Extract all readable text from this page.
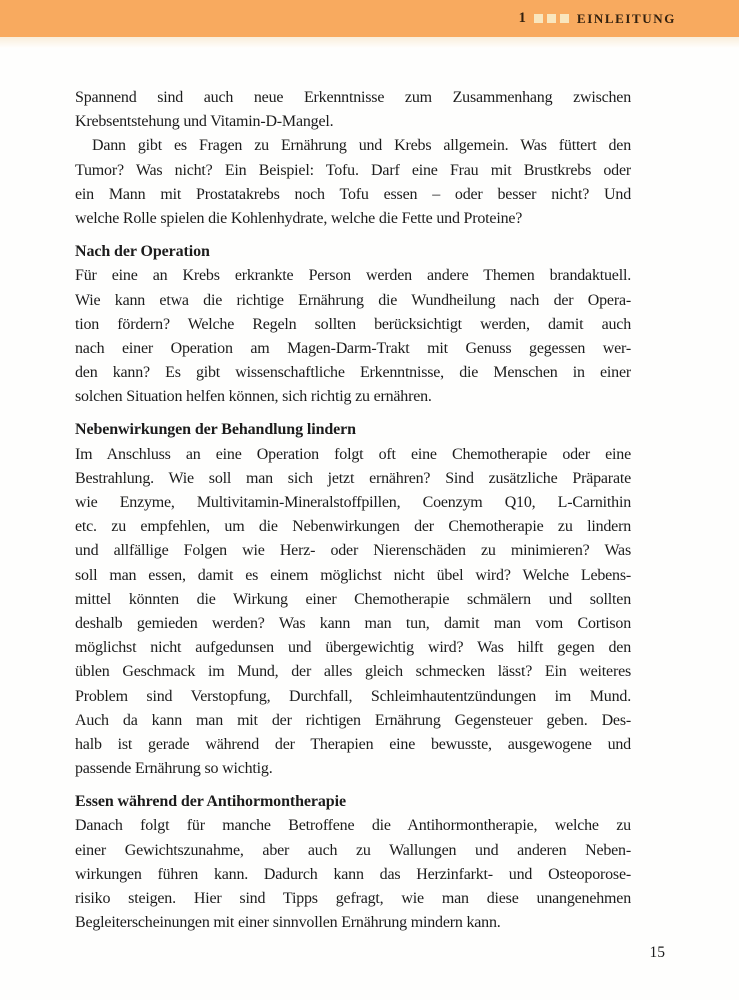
1	EINLEITUNG
Spannend sind auch neue Erkenntnisse zum Zusammenhang zwischen
Krebsentstehung und Vitamin-D-Mangel.
Dann gibt es Fragen zu Ernährung und Krebs allgemein. Was füttert den
Tumor? Was nicht? Ein Beispiel: Tofu. Darf eine Frau mit Brustkrebs oder
ein Mann mit Prostatakrebs noch Tofu essen – oder besser nicht? Und
welche Rolle spielen die Kohlenhydrate, welche die Fette und Proteine?
Nach der Operation
Für eine an Krebs erkrankte Person werden andere Themen brandaktuell.
Wie kann etwa die richtige Ernährung die Wundheilung nach der Opera-
tion fördern? Welche Regeln sollten berücksichtigt werden, damit auch
nach einer Operation am Magen-Darm-Trakt mit Genuss gegessen wer-
den kann? Es gibt wissenschaftliche Erkenntnisse, die Menschen in einer
solchen Situation helfen können, sich richtig zu ernähren.
Nebenwirkungen der Behandlung lindern
Im Anschluss an eine Operation folgt oft eine Chemotherapie oder eine
Bestrahlung. Wie soll man sich jetzt ernähren? Sind zusätzliche Präparate
wie Enzyme, Multivitamin-Mineralstoffpillen, Coenzym Q10, L-Carnithin
etc. zu empfehlen, um die Nebenwirkungen der Chemotherapie zu lindern
und allfällige Folgen wie Herz- oder Nierenschäden zu minimieren? Was
soll man essen, damit es einem möglichst nicht übel wird? Welche Lebens-
mittel könnten die Wirkung einer Chemotherapie schmälern und sollten
deshalb gemieden werden? Was kann man tun, damit man vom Cortison
möglichst nicht aufgedunsen und übergewichtig wird? Was hilft gegen den
üblen Geschmack im Mund, der alles gleich schmecken lässt? Ein weiteres
Problem sind Verstopfung, Durchfall, Schleimhautentzündungen im Mund.
Auch da kann man mit der richtigen Ernährung Gegensteuer geben. Des-
halb ist gerade während der Therapien eine bewusste, ausgewogene und
passende Ernährung so wichtig.
Essen während der Antihormontherapie
Danach folgt für manche Betroffene die Antihormontherapie, welche zu
einer Gewichtszunahme, aber auch zu Wallungen und anderen Neben-
wirkungen führen kann. Dadurch kann das Herzinfarkt- und Osteoporose-
risiko steigen. Hier sind Tipps gefragt, wie man diese unangenehmen
Begleiterscheinungen mit einer sinnvollen Ernährung mindern kann.
15
